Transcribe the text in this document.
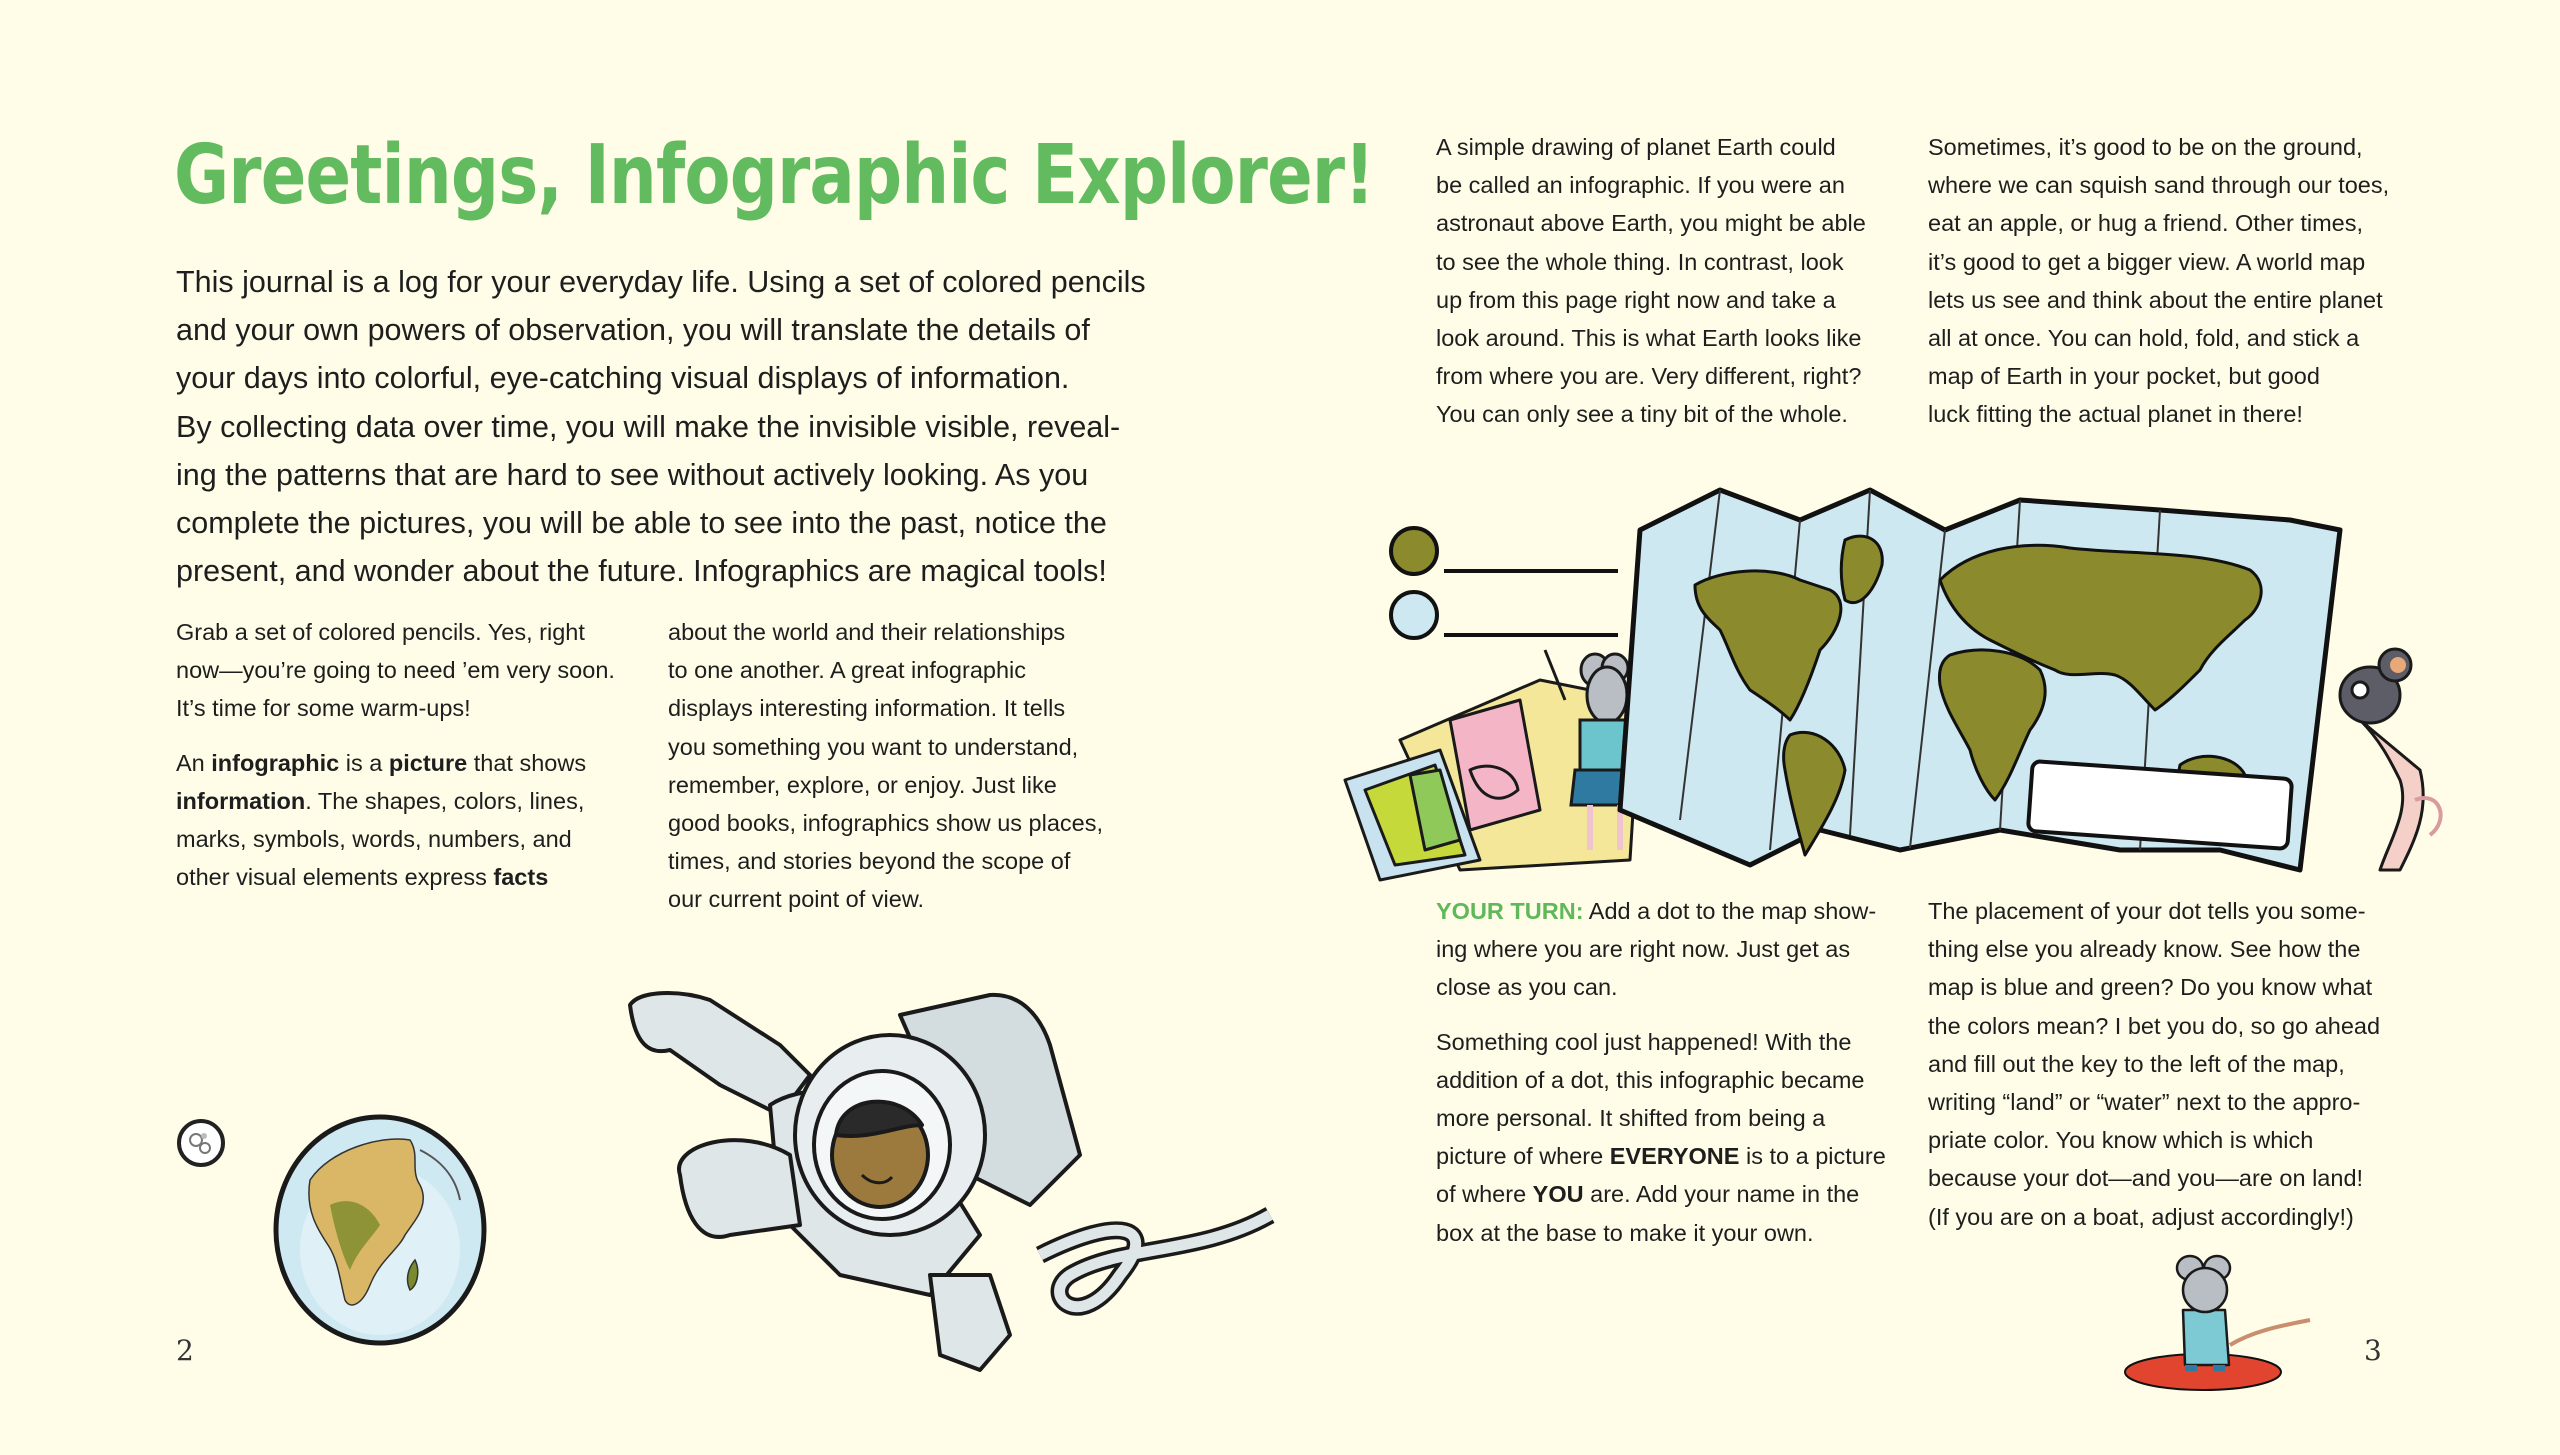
Greetings, Infographic Explorer!
This journal is a log for your everyday life. Using a set of colored pencils
and your own powers of observation, you will translate the details of
your days into colorful, eye-catching visual displays of information.
By collecting data over time, you will make the invisible visible, reveal-
ing the patterns that are hard to see without actively looking. As you
complete the pictures, you will be able to see into the past, notice the
present, and wonder about the future. Infographics are magical tools!

Grab a set of colored pencils. Yes, right
now—you’re going to need ’em very soon.
It’s time for some warm-ups!

An infographic is a picture that shows
information. The shapes, colors, lines,
marks, symbols, words, numbers, and
other visual elements express facts

about the world and their relationships
to one another. A great infographic
displays interesting information. It tells
you something you want to understand,
remember, explore, or enjoy. Just like
good books, infographics show us places,
times, and stories beyond the scope of
our current point of view.
2
A simple drawing of planet Earth could
be called an infographic. If you were an
astronaut above Earth, you might be able
to see the whole thing. In contrast, look
up from this page right now and take a
look around. This is what Earth looks like
from where you are. Very different, right?
You can only see a tiny bit of the whole.
Sometimes, it’s good to be on the ground,
where we can squish sand through our toes,
eat an apple, or hug a friend. Other times,
it’s good to get a bigger view. A world map
lets us see and think about the entire planet
all at once. You can hold, fold, and stick a
map of Earth in your pocket, but good
luck fitting the actual planet in there!

YOUR TURN: Add a dot to the map show-
ing where you are right now. Just get as
close as you can.

Something cool just happened! With the
addition of a dot, this infographic became
more personal. It shifted from being a
picture of where EVERYONE is to a picture
of where YOU are. Add your name in the
box at the base to make it your own.

The placement of your dot tells you some-
thing else you already know. See how the
map is blue and green? Do you know what
the colors mean? I bet you do, so go ahead
and fill out the key to the left of the map,
writing “land” or “water” next to the appro-
priate color. You know which is which
because your dot—and you—are on land!
(If you are on a boat, adjust accordingly!)
3
